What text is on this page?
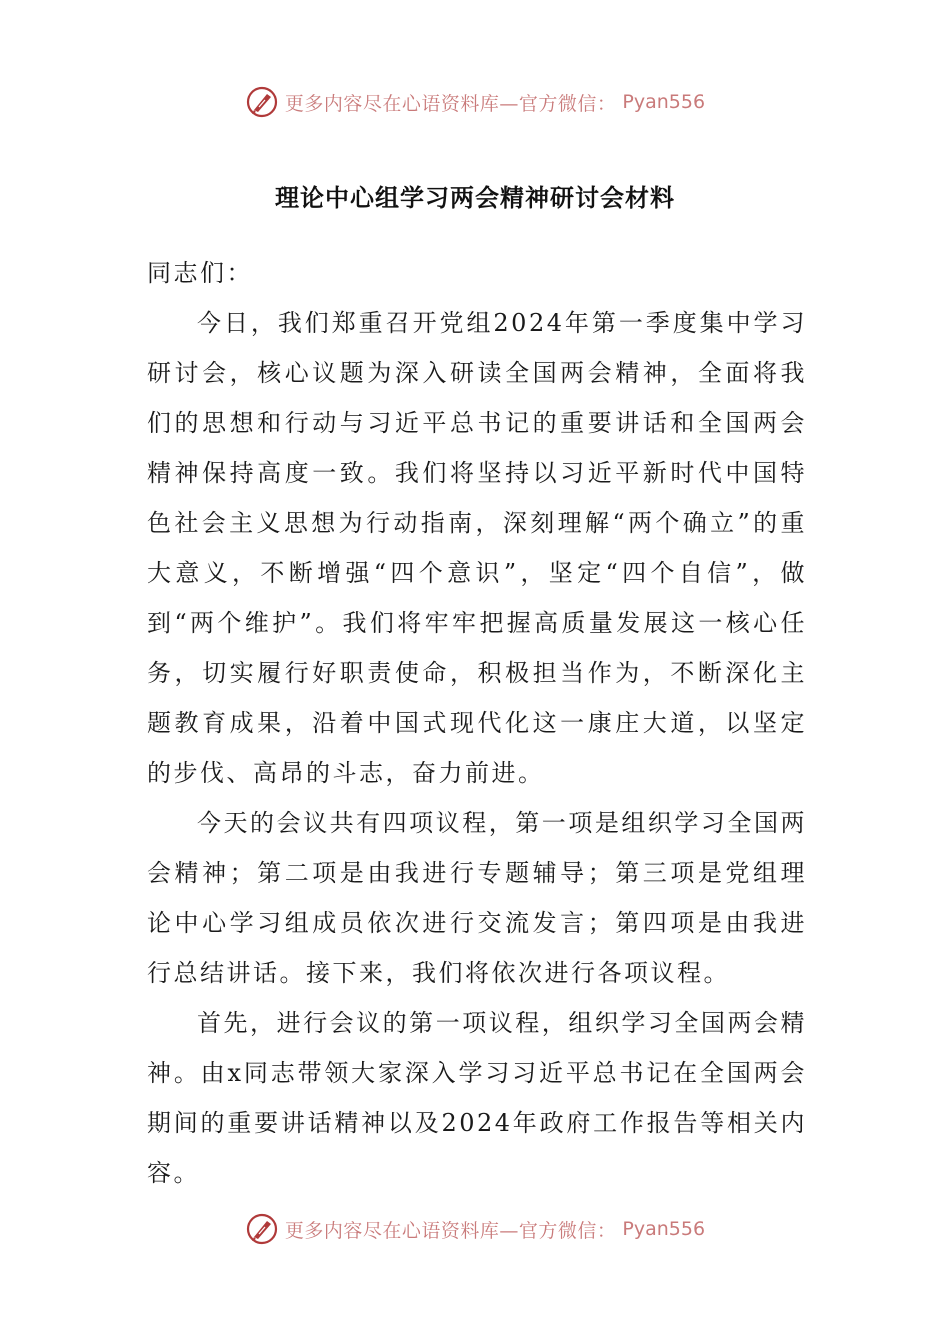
更多内容尽在心语资料库—官方微信： Pyan556
理论中心组学习两会精神研讨会材料

同志们：

今日，我们郑重召开党组2024年第一季度集中学习研讨会，核心议题为深入研读全国两会精神，全面将我们的思想和行动与习近平总书记的重要讲话和全国两会精神保持高度一致。我们将坚持以习近平新时代中国特色社会主义思想为行动指南，深刻理解“两个确立”的重大意义，不断增强“四个意识”，坚定“四个自信”，做到“两个维护”。我们将牢牢把握高质量发展这一核心任务，切实履行好职责使命，积极担当作为，不断深化主题教育成果，沿着中国式现代化这一康庄大道，以坚定的步伐、高昂的斗志，奋力前进。

今天的会议共有四项议程，第一项是组织学习全国两会精神；第二项是由我进行专题辅导；第三项是党组理论中心学习组成员依次进行交流发言；第四项是由我进行总结讲话。接下来，我们将依次进行各项议程。

首先，进行会议的第一项议程，组织学习全国两会精神。由x同志带领大家深入学习习近平总书记在全国两会期间的重要讲话精神以及2024年政府工作报告等相关内容。

更多内容尽在心语资料库—官方微信： Pyan556
